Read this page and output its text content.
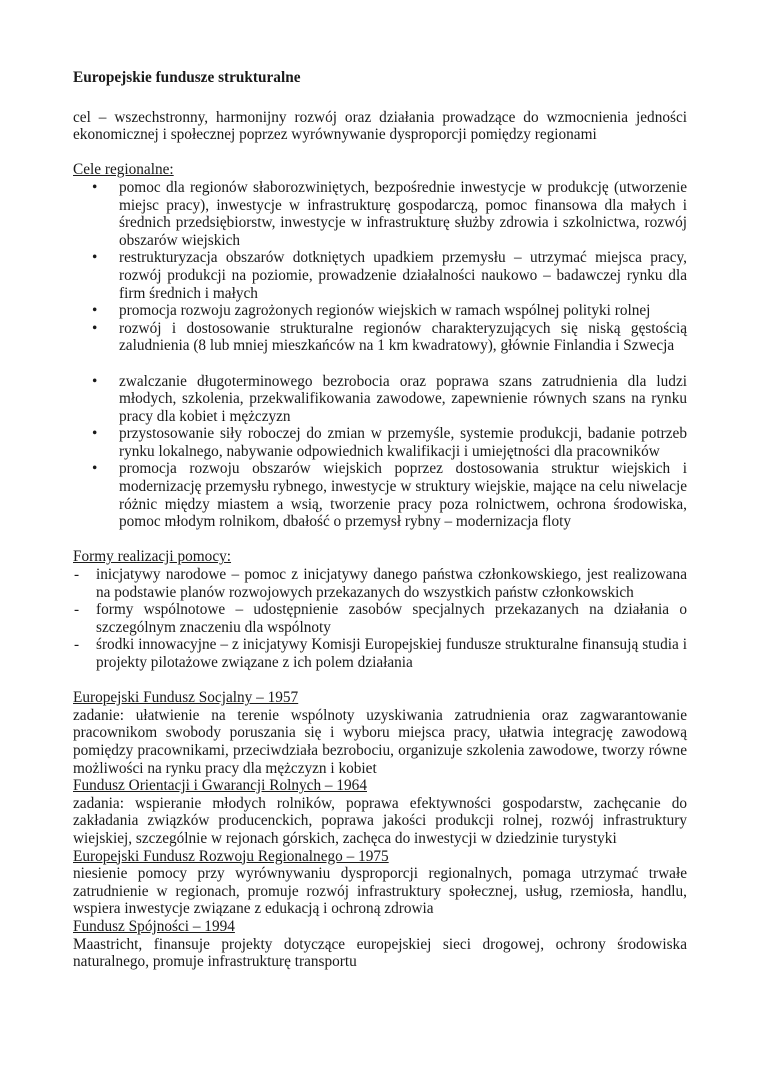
Europejskie fundusze strukturalne

cel – wszechstronny, harmonijny rozwój oraz działania prowadzące do wzmocnienia jedności ekonomicznej i społecznej poprzez wyrównywanie dysproporcji pomiędzy regionami

Cele regionalne:

• pomoc dla regionów słaborozwiniętych, bezpośrednie inwestycje w produkcję (utworzenie miejsc pracy), inwestycje w infrastrukturę gospodarczą, pomoc finansowa dla małych i średnich przedsiębiorstw, inwestycje w infrastrukturę służby zdrowia i szkolnictwa, rozwój obszarów wiejskich
• restrukturyzacja obszarów dotkniętych upadkiem przemysłu – utrzymać miejsca pracy, rozwój produkcji na poziomie, prowadzenie działalności naukowo – badawczej rynku dla firm średnich i małych
• promocja rozwoju zagrożonych regionów wiejskich w ramach wspólnej polityki rolnej
• rozwój i dostosowanie strukturalne regionów charakteryzujących się niską gęstością zaludnienia (8 lub mniej mieszkańców na 1 km kwadratowy), głównie Finlandia i Szwecja
• zwalczanie długoterminowego bezrobocia oraz poprawa szans zatrudnienia dla ludzi młodych, szkolenia, przekwalifikowania zawodowe, zapewnienie równych szans na rynku pracy dla kobiet i mężczyzn
• przystosowanie siły roboczej do zmian w przemyśle, systemie produkcji, badanie potrzeb rynku lokalnego, nabywanie odpowiednich kwalifikacji i umiejętności dla pracowników
• promocja rozwoju obszarów wiejskich poprzez dostosowania struktur wiejskich i modernizację przemysłu rybnego, inwestycje w struktury wiejskie, mające na celu niwelacje różnic między miastem a wsią, tworzenie pracy poza rolnictwem, ochrona środowiska, pomoc młodym rolnikom, dbałość o przemysł rybny – modernizacja floty

Formy realizacji pomocy:

- inicjatywy narodowe – pomoc z inicjatywy danego państwa członkowskiego, jest realizowana na podstawie planów rozwojowych przekazanych do wszystkich państw członkowskich
- formy wspólnotowe – udostępnienie zasobów specjalnych przekazanych na działania o szczególnym znaczeniu dla wspólnoty
- środki innowacyjne – z inicjatywy Komisji Europejskiej fundusze strukturalne finansują studia i projekty pilotażowe związane z ich polem działania

Europejski Fundusz Socjalny – 1957

zadanie: ułatwienie na terenie wspólnoty uzyskiwania zatrudnienia oraz zagwarantowanie pracownikom swobody poruszania się i wyboru miejsca pracy, ułatwia integrację zawodową pomiędzy pracownikami, przeciwdziała bezrobociu, organizuje szkolenia zawodowe, tworzy równe możliwości na rynku pracy dla mężczyzn i kobiet

Fundusz Orientacji i Gwarancji Rolnych – 1964

zadania: wspieranie młodych rolników, poprawa efektywności gospodarstw, zachęcanie do zakładania związków producenckich, poprawa jakości produkcji rolnej, rozwój infrastruktury wiejskiej, szczególnie w rejonach górskich, zachęca do inwestycji w dziedzinie turystyki

Europejski Fundusz Rozwoju Regionalnego – 1975

niesienie pomocy przy wyrównywaniu dysproporcji regionalnych, pomaga utrzymać trwałe zatrudnienie w regionach, promuje rozwój infrastruktury społecznej, usług, rzemiosła, handlu, wspiera inwestycje związane z edukacją i ochroną zdrowia

Fundusz Spójności – 1994

Maastricht, finansuje projekty dotyczące europejskiej sieci drogowej, ochrony środowiska naturalnego, promuje infrastrukturę transportu
